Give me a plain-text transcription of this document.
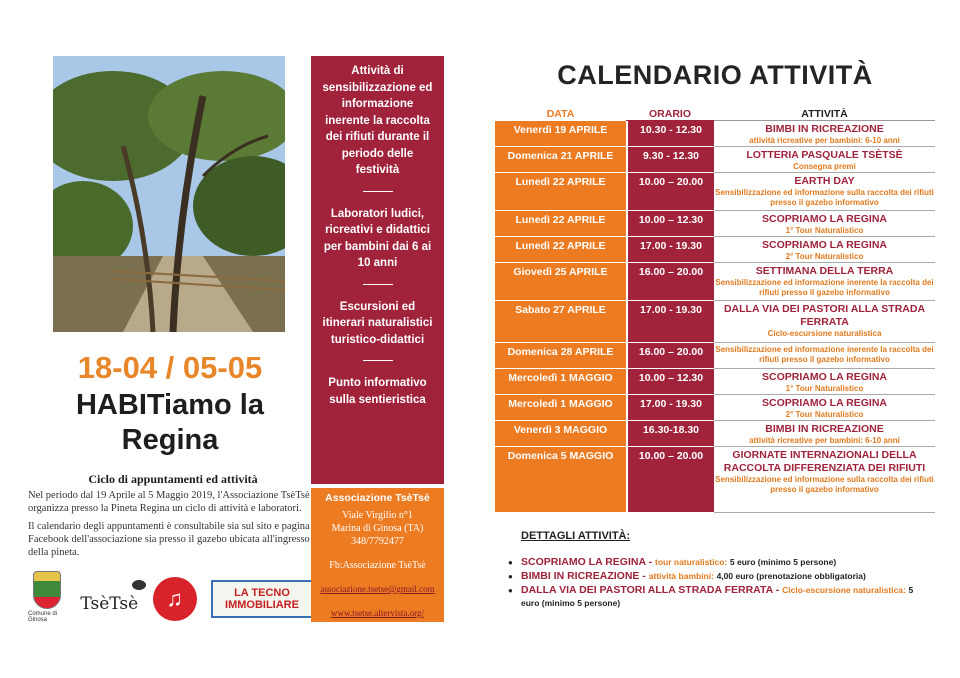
18-04 / 05-05
HABITiamo la
Regina
Ciclo di appuntamenti ed attività

Nel periodo dal 19 Aprile al 5 Maggio 2019, l'Associazione TsèTsè organizza presso la Pineta Regina un ciclo di attività e laboratori.

Il calendario degli appuntamenti è consultabile sia sul sito e pagina Facebook dell'associazione sia presso il gazebo ubicata all'ingresso della pineta.

Comune di Ginosa
TsèTsè ♫	LA TECNO
IMMOBILIARE
Attività di sensibilizzazione ed informazione inerente la raccolta dei rifiuti durante il periodo delle festività
Laboratori ludici, ricreativi e didattici per bambini dai 6 ai 10 anni
Escursioni ed itinerari naturalistici turistico-didattici
Punto informativo sulla sentieristica
Associazione TsèTsè
Viale Virgilio n°1
Marina di Ginosa (TA)
348/7792477
Fb:Associazione TsèTsè
associazione.tsetse@gmail.com
www.tsetse.altervista.org/
CALENDARIO ATTIVITÀ
DATA	ORARIO	ATTIVITÀ
Venerdì 19 APRILE	10.30 - 12.30	BIMBI IN RICREAZIONE
attività ricreative per bambini: 6-10 anni
Domenica 21 APRILE	9.30 - 12.30	LOTTERIA PASQUALE TSÈTSÈ
Consegna premi
Lunedì 22 APRILE	10.00 – 20.00	EARTH DAY
Sensibilizzazione ed informazione sulla raccolta dei rifiuti presso il gazebo informativo
Lunedì 22 APRILE	10.00 – 12.30	SCOPRIAMO LA REGINA
1° Tour Naturalistico
Lunedì 22 APRILE	17.00 - 19.30	SCOPRIAMO LA REGINA
2° Tour Naturalistico
Giovedì 25 APRILE	16.00 – 20.00	SETTIMANA DELLA TERRA
Sensibilizzazione ed informazione inerente la raccolta dei rifiuti presso il gazebo informativo
Sabato 27 APRILE	17.00 - 19.30	DALLA VIA DEI PASTORI ALLA STRADA FERRATA
Ciclo-escursione naturalistica
Domenica 28 APRILE	16.00 – 20.00	Sensibilizzazione ed informazione inerente la raccolta dei rifiuti presso il gazebo informativo
Mercoledì 1 MAGGIO	10.00 – 12.30	SCOPRIAMO LA REGINA
1° Tour Naturalistico
Mercoledì 1 MAGGIO	17.00 - 19.30	SCOPRIAMO LA REGINA
2° Tour Naturalistico
Venerdì 3 MAGGIO	16.30-18.30	BIMBI IN RICREAZIONE
attività ricreative per bambini: 6-10 anni
Domenica 5 MAGGIO	10.00 – 20.00	GIORNATE INTERNAZIONALI DELLA RACCOLTA DIFFERENZIATA DEI RIFIUTI
Sensibilizzazione ed informazione sulla raccolta dei rifiuti presso il gazebo informativo
DETTAGLI ATTIVITÀ:
● SCOPRIAMO LA REGINA - tour naturalistico: 5 euro (minimo 5 persone)
● BIMBI IN RICREAZIONE - attività bambini: 4,00 euro (prenotazione obbligatoria)
● DALLA VIA DEI PASTORI ALLA STRADA FERRATA - Ciclo-escursione naturalistica: 5 euro (minimo 5 persone)
